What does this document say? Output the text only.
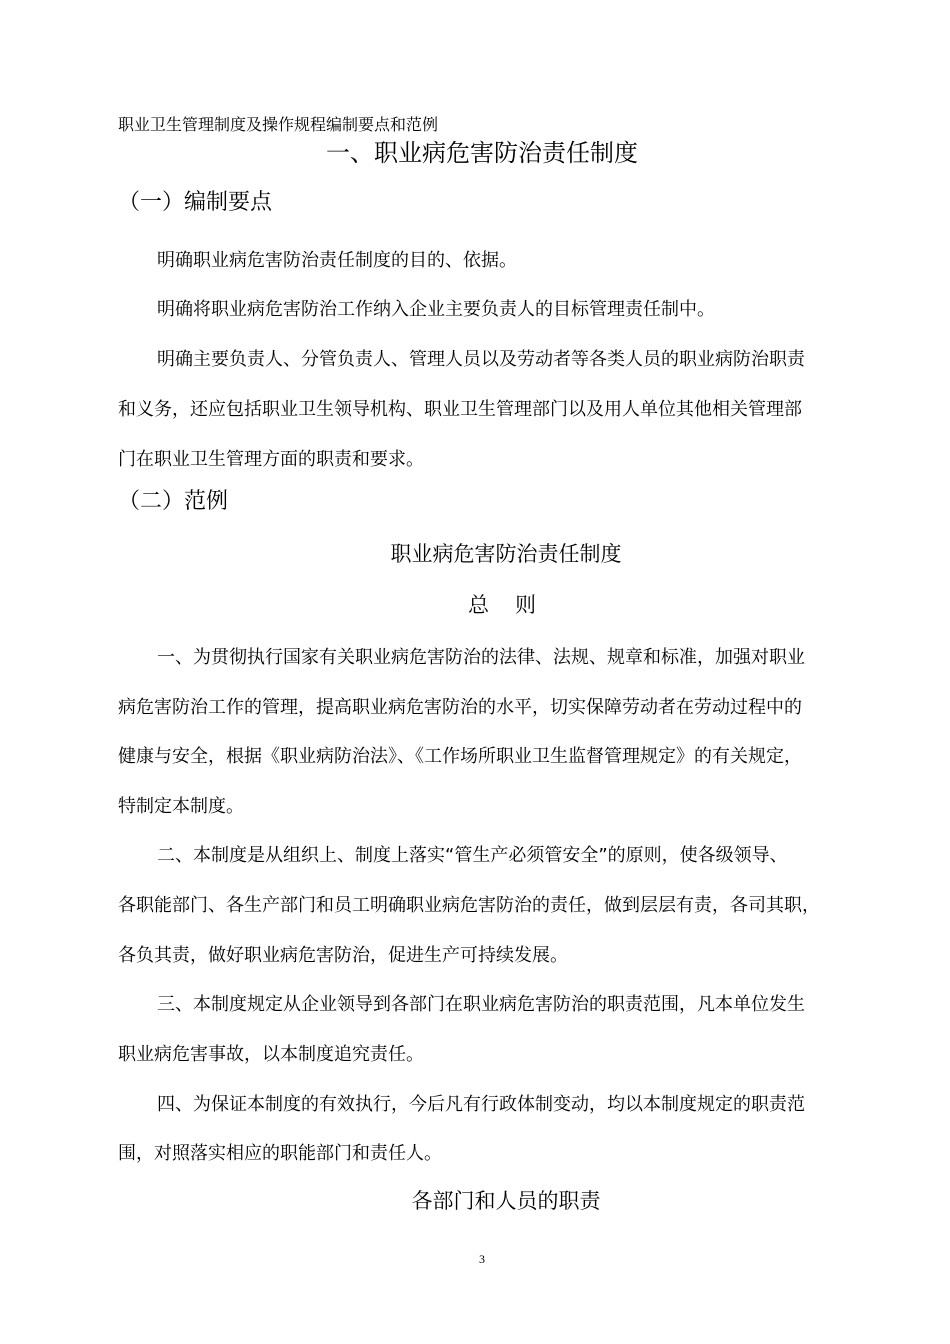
职业卫生管理制度及操作规程编制要点和范例
一、职业病危害防治责任制度
（一）编制要点
明确职业病危害防治责任制度的目的、依据。
明确将职业病危害防治工作纳入企业主要负责人的目标管理责任制中。
明确主要负责人、分管负责人、管理人员以及劳动者等各类人员的职业病防治职责
和义务，还应包括职业卫生领导机构、职业卫生管理部门以及用人单位其他相关管理部
门在职业卫生管理方面的职责和要求。
（二）范例
职业病危害防治责任制度
总则
一、为贯彻执行国家有关职业病危害防治的法律、法规、规章和标准，加强对职业
病危害防治工作的管理，提高职业病危害防治的水平，切实保障劳动者在劳动过程中的
健康与安全，根据《职业病防治法》、《工作场所职业卫生监督管理规定》的有关规定，
特制定本制度。
二、本制度是从组织上、制度上落实“管生产必须管安全”的原则，使各级领导、
各职能部门、各生产部门和员工明确职业病危害防治的责任，做到层层有责，各司其职，
各负其责，做好职业病危害防治，促进生产可持续发展。
三、本制度规定从企业领导到各部门在职业病危害防治的职责范围，凡本单位发生
职业病危害事故，以本制度追究责任。
四、为保证本制度的有效执行，今后凡有行政体制变动，均以本制度规定的职责范
围，对照落实相应的职能部门和责任人。
各部门和人员的职责
3
